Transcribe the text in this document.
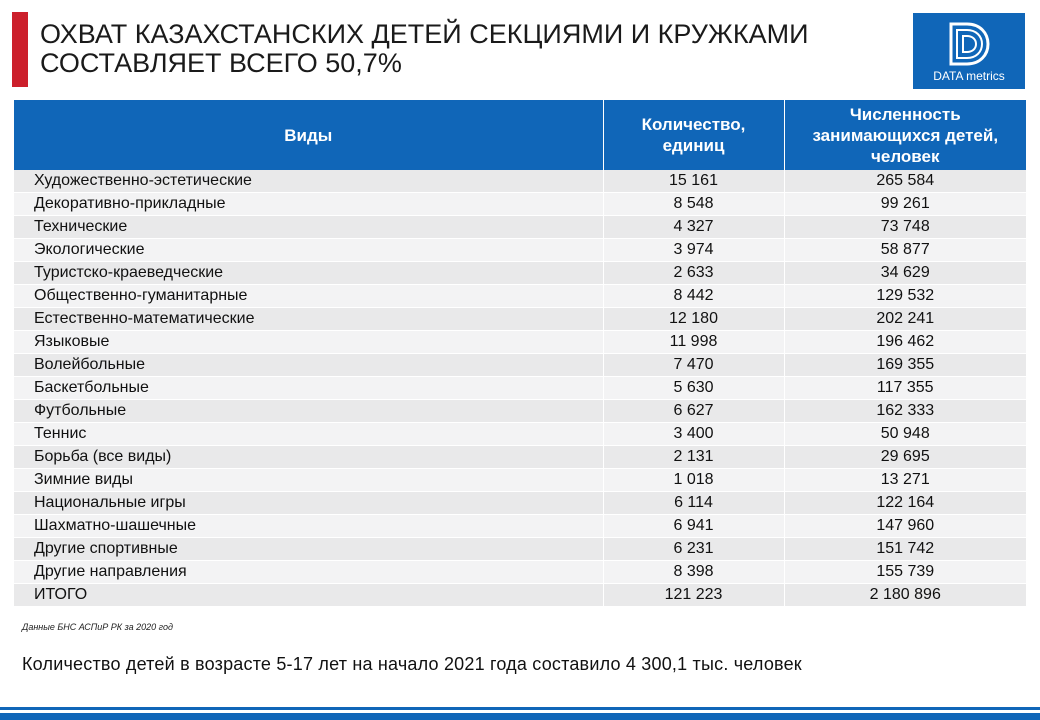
ОХВАТ КАЗАХСТАНСКИХ ДЕТЕЙ СЕКЦИЯМИ И КРУЖКАМИ
СОСТАВЛЯЕТ ВСЕГО 50,7%	DATA metrics
Виды	Количество, единиц	Численность занимающихся детей, человек
Художественно-эстетические	15 161	265 584
Декоративно-прикладные	8 548	99 261
Технические	4 327	73 748
Экологические	3 974	58 877
Туристско-краеведческие	2 633	34 629
Общественно-гуманитарные	8 442	129 532
Естественно-математические	12 180	202 241
Языковые	11 998	196 462
Волейбольные	7 470	169 355
Баскетбольные	5 630	117 355
Футбольные	6 627	162 333
Теннис	3 400	50 948
Борьба (все виды)	2 131	29 695
Зимние виды	1 018	13 271
Национальные игры	6 114	122 164
Шахматно-шашечные	6 941	147 960
Другие спортивные	6 231	151 742
Другие направления	8 398	155 739
ИТОГО	121 223	2 180 896
Данные БНС АСПиР РК за 2020 год
Количество детей в возрасте 5-17 лет на начало 2021 года составило 4 300,1 тыс. человек
